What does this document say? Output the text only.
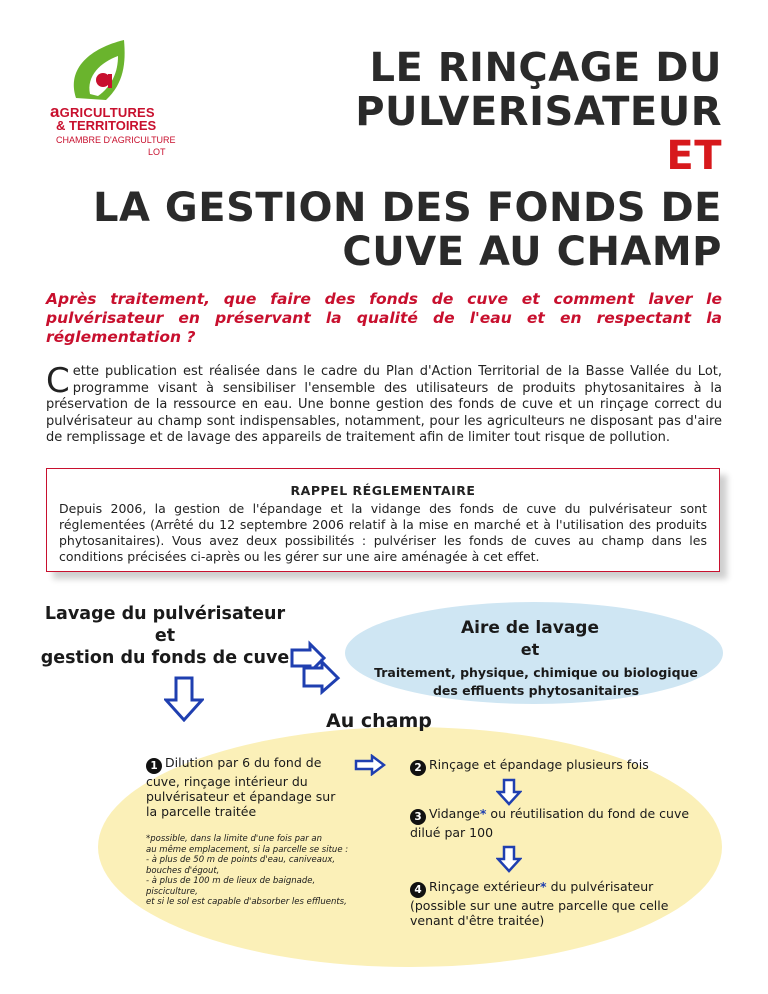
aGRICULTURES
& TERRITOIRES
CHAMBRE D'AGRICULTURE
LOT
LE RINÇAGE DU
PULVERISATEUR
ET
LA GESTION DES FONDS DE
CUVE AU CHAMP
Après traitement, que faire des fonds de cuve et comment laver le pulvérisateur en préservant la qualité de l'eau et en respectant la réglementation ?
Cette publication est réalisée dans le cadre du Plan d'Action Territorial de la Basse Vallée du Lot, programme visant à sensibiliser l'ensemble des utilisateurs de produits phytosanitaires à la préservation de la ressource en eau. Une bonne gestion des fonds de cuve et un rinçage correct du pulvérisateur au champ sont indispensables, notamment, pour les agriculteurs ne disposant pas d'aire de remplissage et de lavage des appareils de traitement afin de limiter tout risque de pollution.
RAPPEL RÉGLEMENTAIRE
Depuis 2006, la gestion de l'épandage et la vidange des fonds de cuve du pulvérisateur sont réglementées (Arrêté du 12 septembre 2006 relatif à la mise en marché et à l'utilisation des produits phytosanitaires). Vous avez deux possibilités : pulvériser les fonds de cuves au champ dans les conditions précisées ci-après ou les gérer sur une aire aménagée à cet effet.
Lavage du pulvérisateur et
gestion du fonds de cuve
Aire de lavage
et
Traitement, physique, chimique ou biologique
des effluents phytosanitaires
Au champ
1 Dilution par 6 du fond de cuve, rinçage intérieur du pulvérisateur et épandage sur la parcelle traitée
*possible, dans la limite d'une fois par an
au même emplacement, si la parcelle se situe :
- à plus de 50 m de points d'eau, caniveaux,
bouches d'égout,
- à plus de 100 m de lieux de baignade,
pisciculture,
et si le sol est capable d'absorber les effluents,
2 Rinçage et épandage plusieurs fois
3 Vidange* ou réutilisation du fond de cuve dilué par 100
4 Rinçage extérieur* du pulvérisateur (possible sur une autre parcelle que celle venant d'être traitée)
